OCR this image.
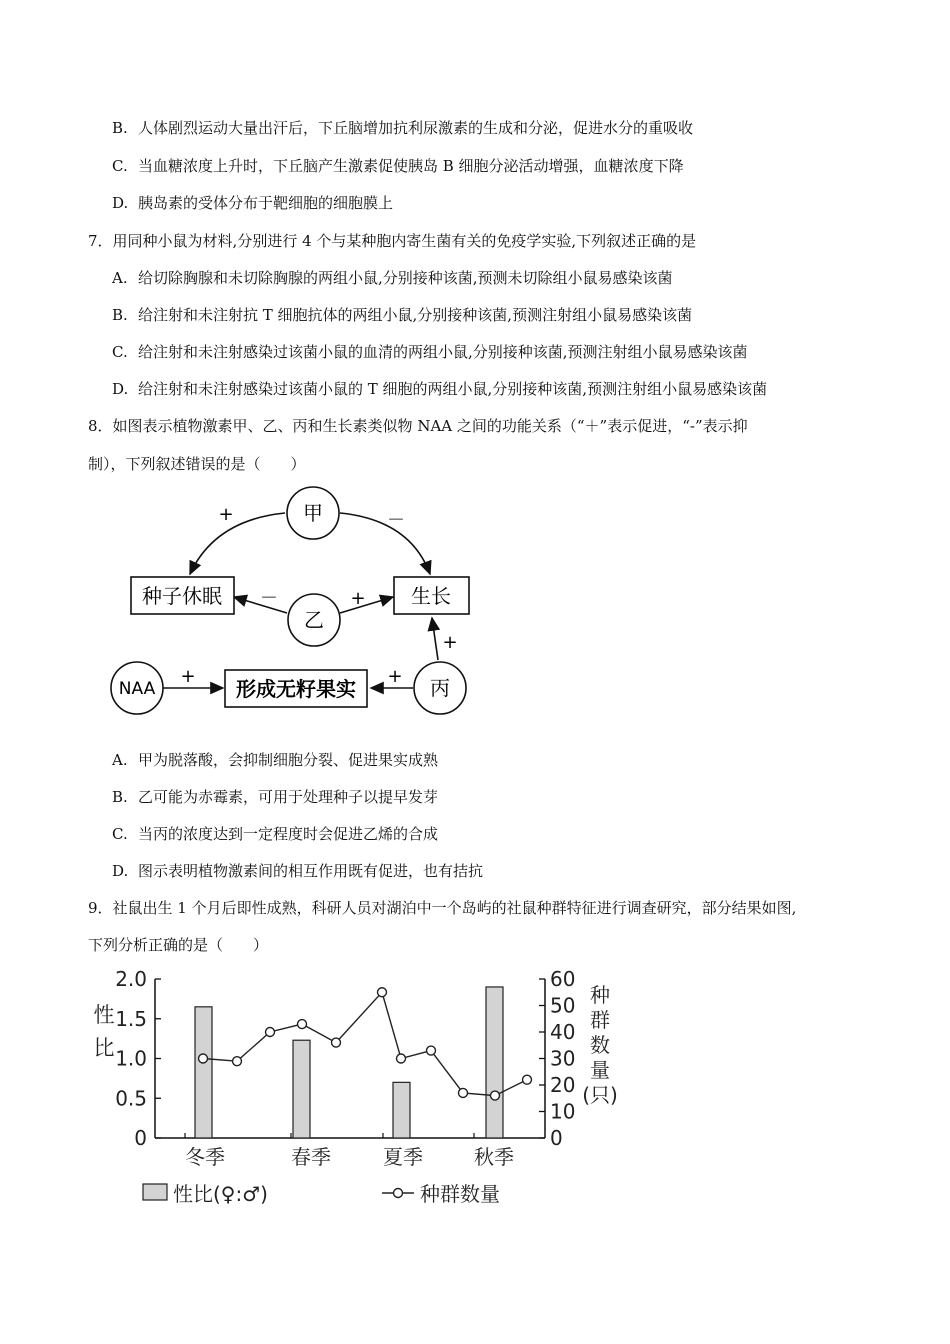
B. 人体剧烈运动大量出汗后，下丘脑增加抗利尿激素的生成和分泌，促进水分的重吸收
C. 当血糖浓度上升时，下丘脑产生激素促使胰岛 B 细胞分泌活动增强，血糖浓度下降
D. 胰岛素的受体分布于靶细胞的细胞膜上
7．用同种小鼠为材料,分别进行 4 个与某种胞内寄生菌有关的免疫学实验,下列叙述正确的是
A. 给切除胸腺和未切除胸腺的两组小鼠,分别接种该菌,预测未切除组小鼠易感染该菌
B. 给注射和未注射抗 T 细胞抗体的两组小鼠,分别接种该菌,预测注射组小鼠易感染该菌
C. 给注射和未注射感染过该菌小鼠的血清的两组小鼠,分别接种该菌,预测注射组小鼠易感染该菌
D. 给注射和未注射感染过该菌小鼠的 T 细胞的两组小鼠,分别接种该菌,预测注射组小鼠易感染该菌
8．如图表示植物激素甲、乙、丙和生长素类似物 NAA 之间的功能关系（“＋”表示促进，“-”表示抑
制），下列叙述错误的是（　　）
甲
乙
丙
NAA
种子休眠	生长
形成无籽果实
+	－
－	+
+
+	+
A. 甲为脱落酸，会抑制细胞分裂、促进果实成熟
B. 乙可能为赤霉素，可用于处理种子以提早发芽
C. 当丙的浓度达到一定程度时会促进乙烯的合成
D. 图示表明植物激素间的相互作用既有促进，也有拮抗
9．社鼠出生 1 个月后即性成熟，科研人员对湖泊中一个岛屿的社鼠种群特征进行调查研究，部分结果如图,
下列分析正确的是（　　）
0
0.5
1.0
1.5
2.0
0
10
20
30
40
50
60
性
比
种
群
数
量
(只)
冬季	春季	夏季	秋季
性比(♀:♂)	种群数量
